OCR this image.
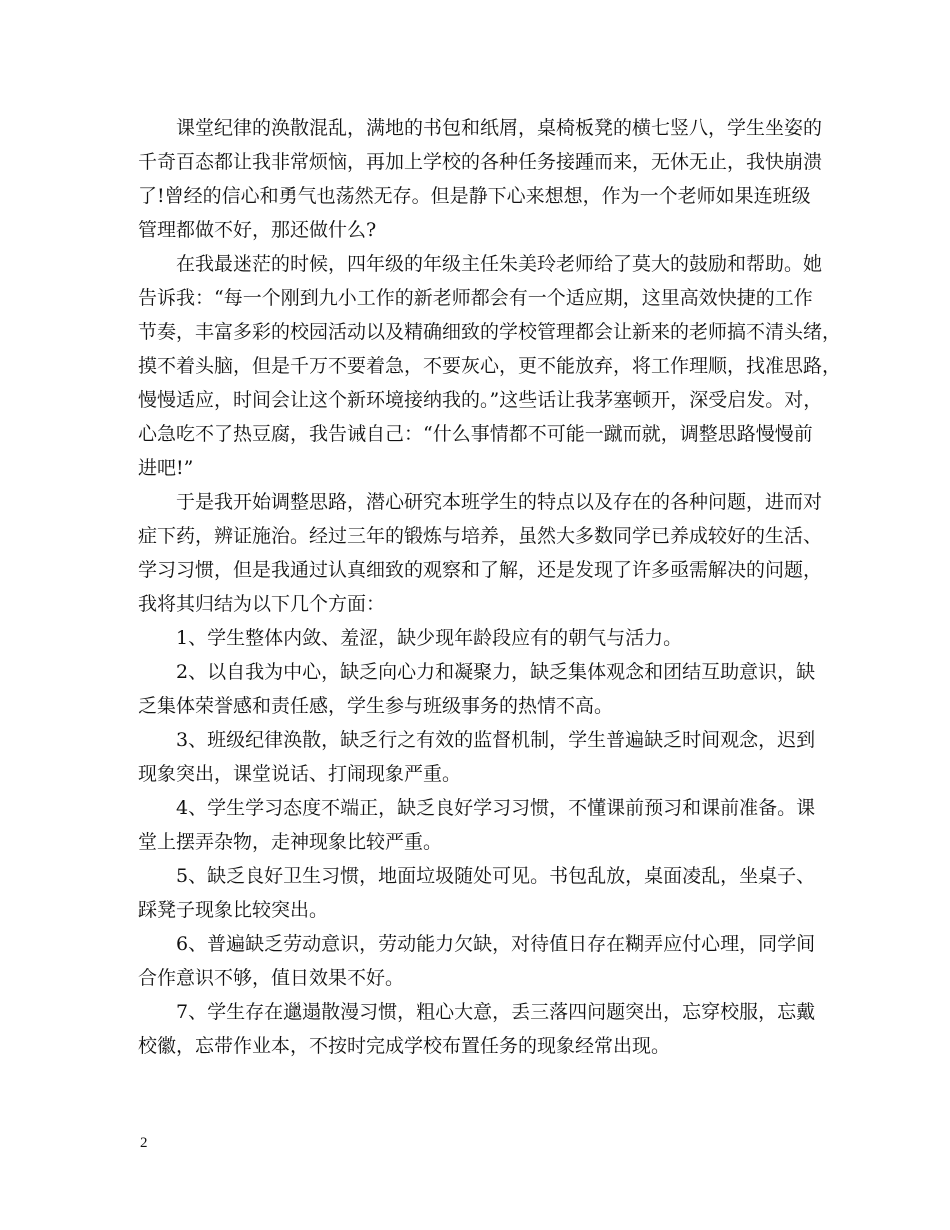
课堂纪律的涣散混乱，满地的书包和纸屑，桌椅板凳的横七竖八，学生坐姿的
千奇百态都让我非常烦恼，再加上学校的各种任务接踵而来，无休无止，我快崩溃
了!曾经的信心和勇气也荡然无存。但是静下心来想想，作为一个老师如果连班级
管理都做不好，那还做什么?
在我最迷茫的时候，四年级的年级主任朱美玲老师给了莫大的鼓励和帮助。她
告诉我：“每一个刚到九小工作的新老师都会有一个适应期，这里高效快捷的工作
节奏，丰富多彩的校园活动以及精确细致的学校管理都会让新来的老师搞不清头绪，
摸不着头脑，但是千万不要着急，不要灰心，更不能放弃，将工作理顺，找准思路，
慢慢适应，时间会让这个新环境接纳我的。”这些话让我茅塞顿开，深受启发。对，
心急吃不了热豆腐，我告诫自己：“什么事情都不可能一蹴而就，调整思路慢慢前
进吧!”
于是我开始调整思路，潜心研究本班学生的特点以及存在的各种问题，进而对
症下药，辨证施治。经过三年的锻炼与培养，虽然大多数同学已养成较好的生活、
学习习惯，但是我通过认真细致的观察和了解，还是发现了许多亟需解决的问题，
我将其归结为以下几个方面：
1、学生整体内敛、羞涩，缺少现年龄段应有的朝气与活力。
2、以自我为中心，缺乏向心力和凝聚力，缺乏集体观念和团结互助意识，缺
乏集体荣誉感和责任感，学生参与班级事务的热情不高。
3、班级纪律涣散，缺乏行之有效的监督机制，学生普遍缺乏时间观念，迟到
现象突出，课堂说话、打闹现象严重。
4、学生学习态度不端正，缺乏良好学习习惯，不懂课前预习和课前准备。课
堂上摆弄杂物，走神现象比较严重。
5、缺乏良好卫生习惯，地面垃圾随处可见。书包乱放，桌面凌乱，坐桌子、
踩凳子现象比较突出。
6、普遍缺乏劳动意识，劳动能力欠缺，对待值日存在糊弄应付心理，同学间
合作意识不够，值日效果不好。
7、学生存在邋遢散漫习惯，粗心大意，丢三落四问题突出，忘穿校服，忘戴
校徽，忘带作业本，不按时完成学校布置任务的现象经常出现。
2
